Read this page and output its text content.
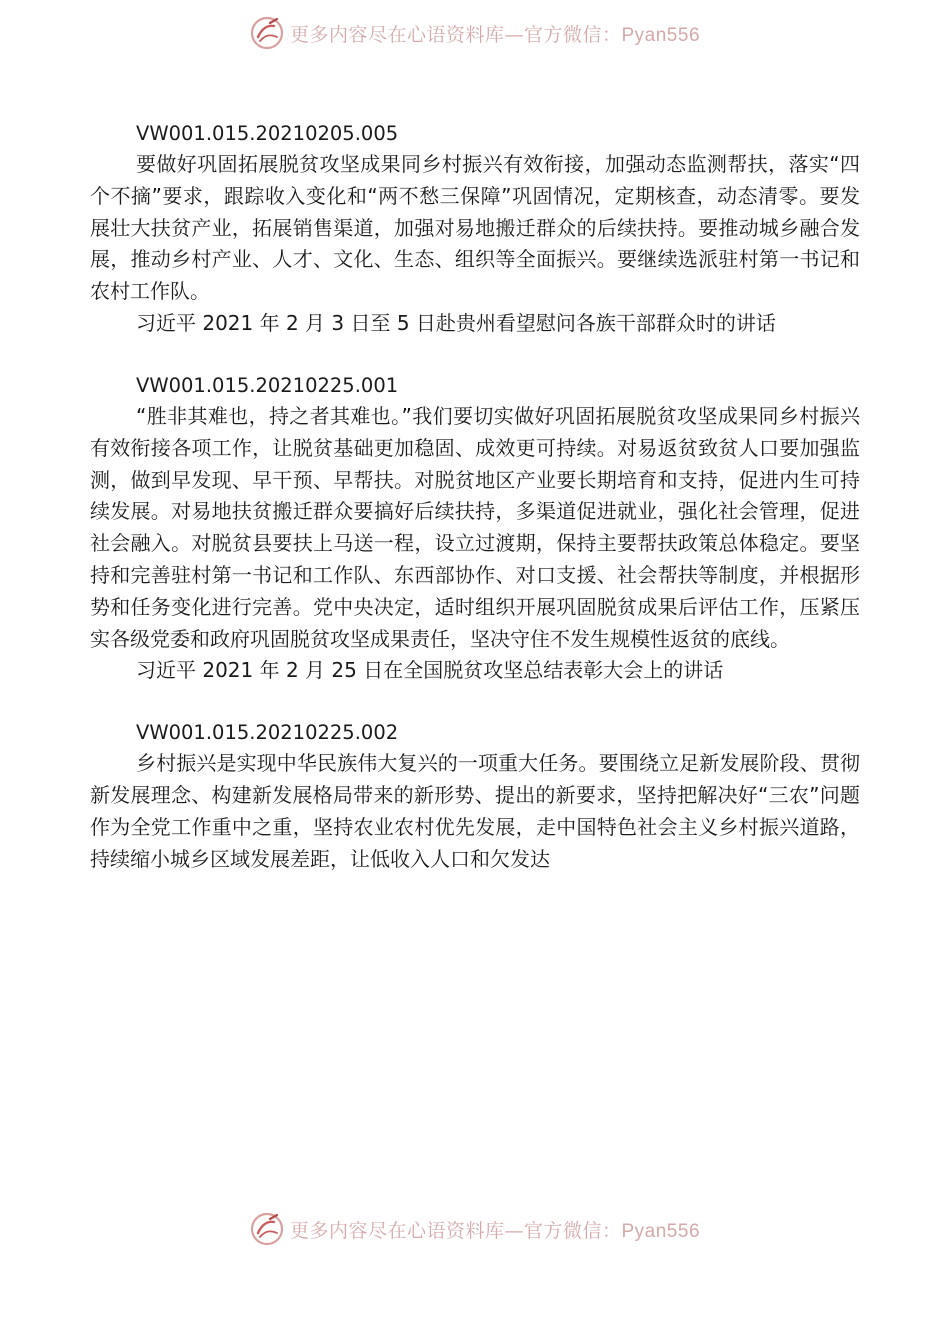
更多内容尽在心语资料库—官方微信：Pyan556
VW001.015.20210205.005

要做好巩固拓展脱贫攻坚成果同乡村振兴有效衔接，加强动态监测帮扶，落实“四个不摘”要求，跟踪收入变化和“两不愁三保障”巩固情况，定期核查，动态清零。要发展壮大扶贫产业，拓展销售渠道，加强对易地搬迁群众的后续扶持。要推动城乡融合发展，推动乡村产业、人才、文化、生态、组织等全面振兴。要继续选派驻村第一书记和农村工作队。

习近平 2021 年 2 月 3 日至 5 日赴贵州看望慰问各族干部群众时的讲话
VW001.015.20210225.001

“胜非其难也，持之者其难也。”我们要切实做好巩固拓展脱贫攻坚成果同乡村振兴有效衔接各项工作，让脱贫基础更加稳固、成效更可持续。对易返贫致贫人口要加强监测，做到早发现、早干预、早帮扶。对脱贫地区产业要长期培育和支持，促进内生可持续发展。对易地扶贫搬迁群众要搞好后续扶持，多渠道促进就业，强化社会管理，促进社会融入。对脱贫县要扶上马送一程，设立过渡期，保持主要帮扶政策总体稳定。要坚持和完善驻村第一书记和工作队、东西部协作、对口支援、社会帮扶等制度，并根据形势和任务变化进行完善。党中央决定，适时组织开展巩固脱贫成果后评估工作，压紧压实各级党委和政府巩固脱贫攻坚成果责任，坚决守住不发生规模性返贫的底线。

习近平 2021 年 2 月 25 日在全国脱贫攻坚总结表彰大会上的讲话
VW001.015.20210225.002

乡村振兴是实现中华民族伟大复兴的一项重大任务。要围绕立足新发展阶段、贯彻新发展理念、构建新发展格局带来的新形势、提出的新要求，坚持把解决好“三农”问题作为全党工作重中之重，坚持农业农村优先发展，走中国特色社会主义乡村振兴道路，持续缩小城乡区域发展差距，让低收入人口和欠发达

更多内容尽在心语资料库—官方微信：Pyan556
